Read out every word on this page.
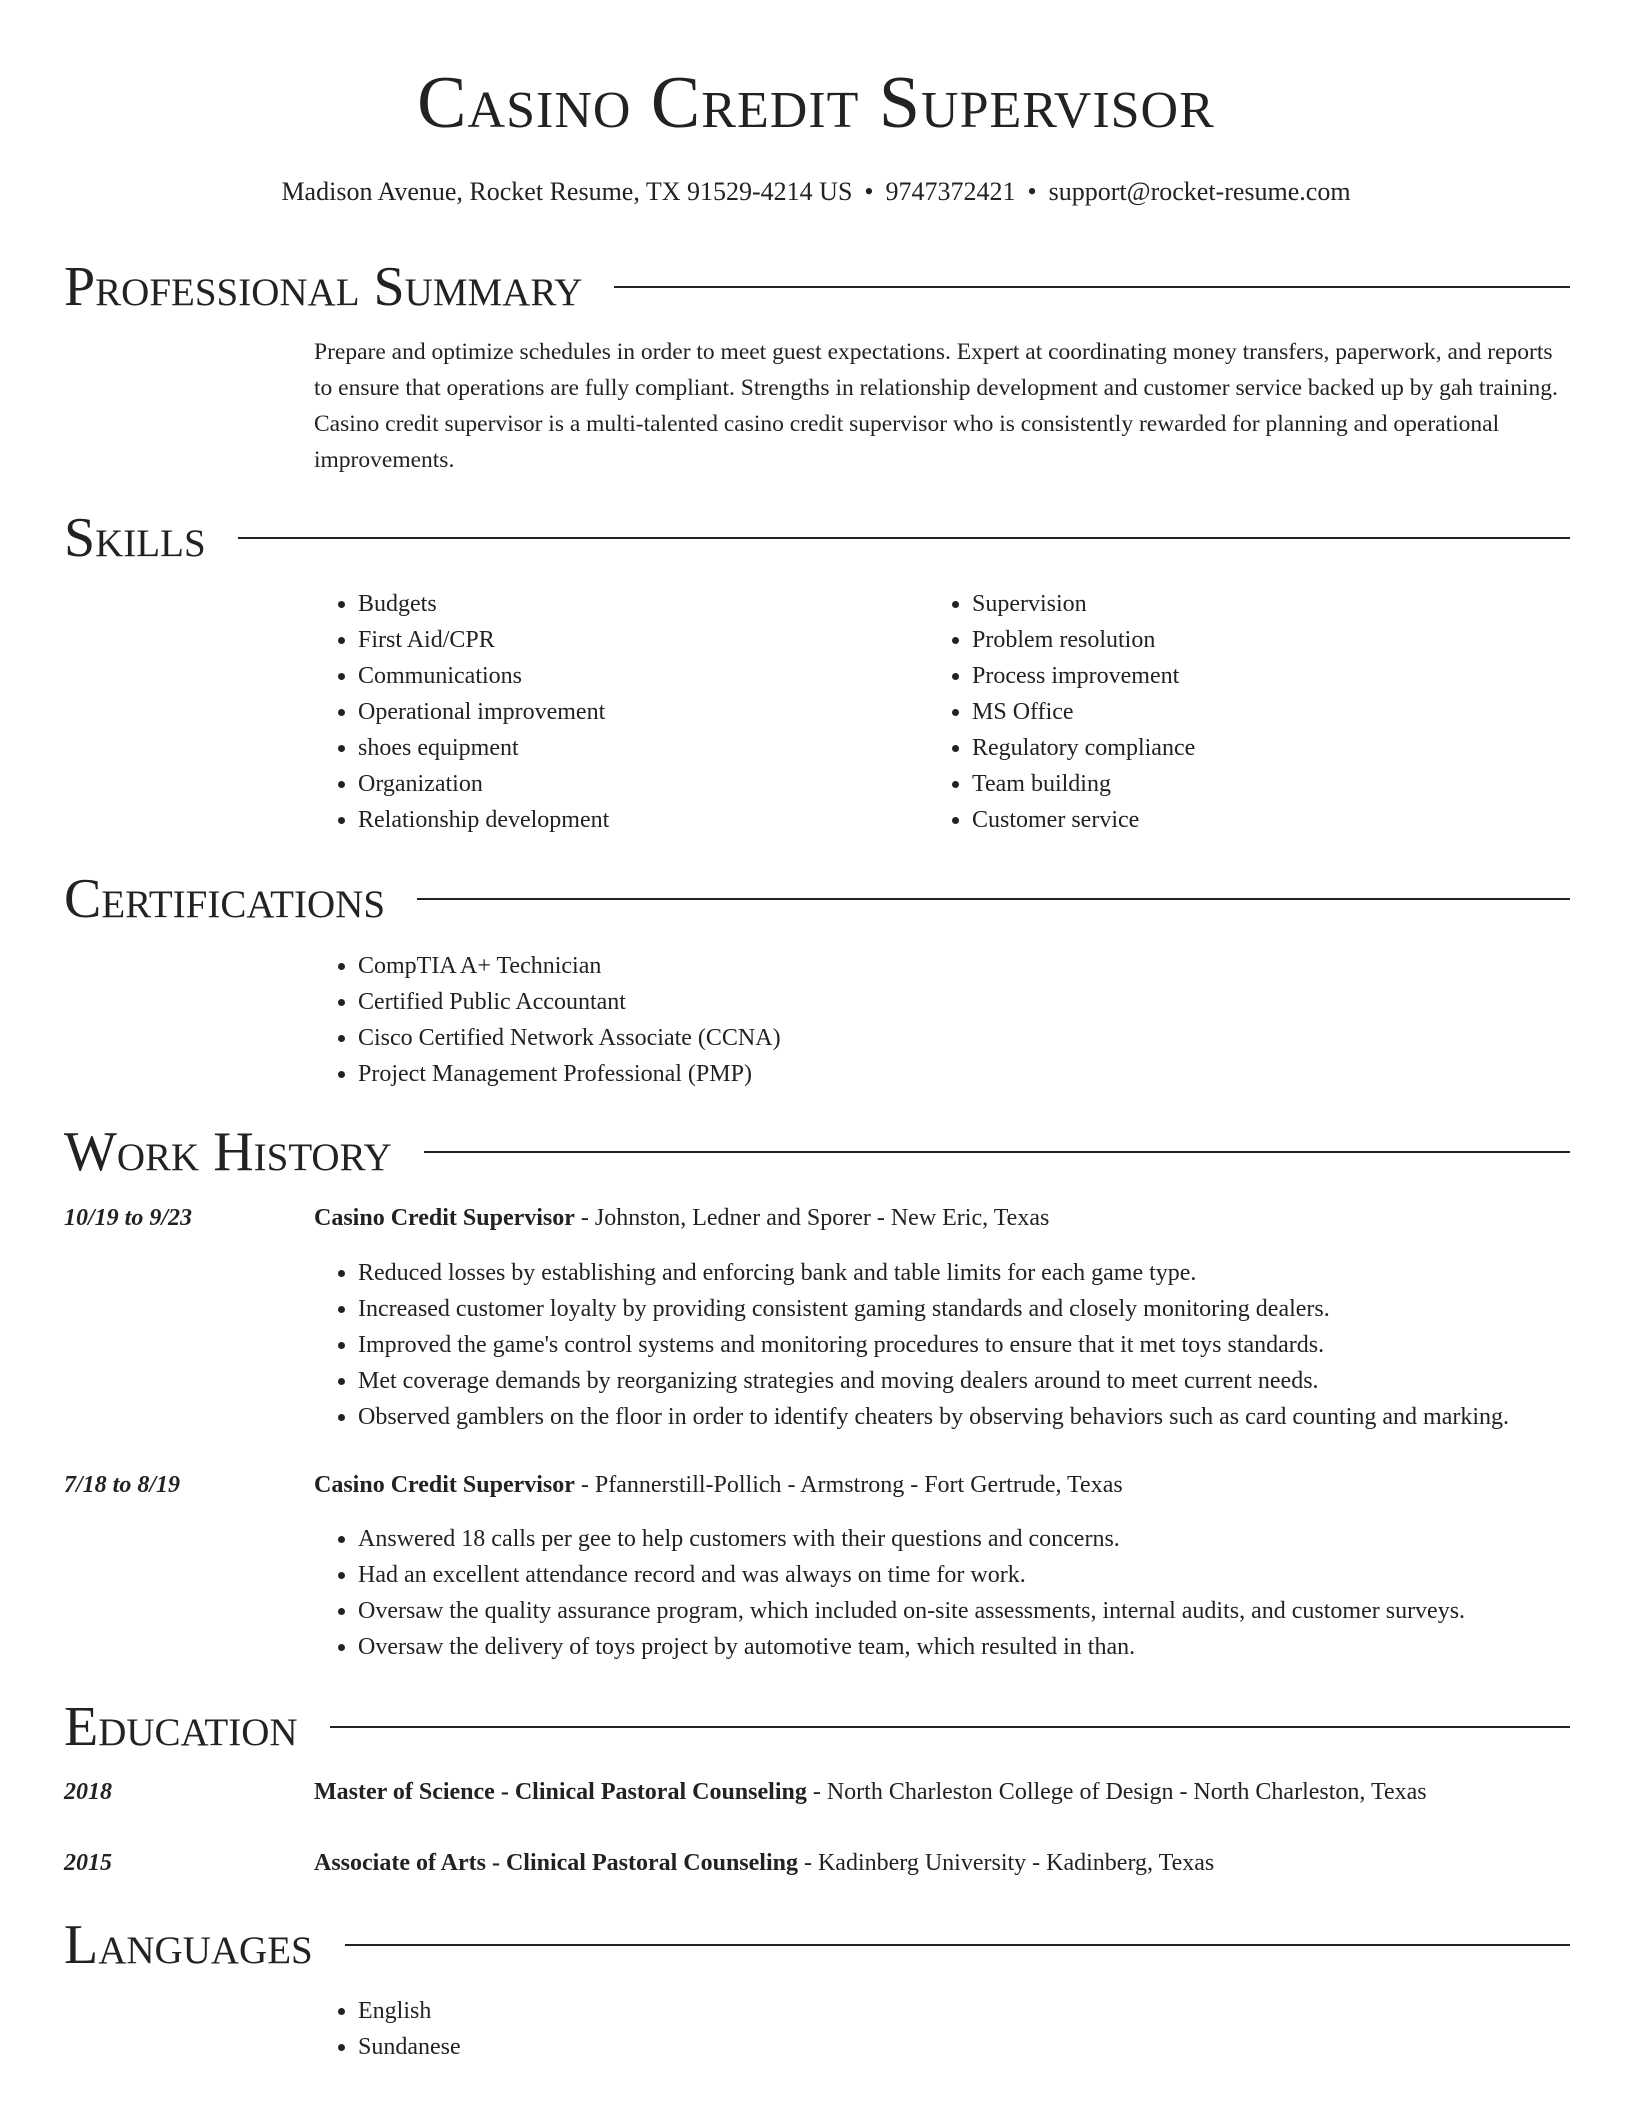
Casino Credit Supervisor
Madison Avenue, Rocket Resume, TX 91529-4214 US • 9747372421 • support@rocket-resume.com
Professional Summary

Prepare and optimize schedules in order to meet guest expectations. Expert at coordinating money transfers, paperwork, and reports to ensure that operations are fully compliant. Strengths in relationship development and customer service backed up by gah training. Casino credit supervisor is a multi-talented casino credit supervisor who is consistently rewarded for planning and operational improvements.

Skills
• Budgets
• First Aid/CPR
• Communications
• Operational improvement
• shoes equipment
• Organization
• Relationship development
• Supervision
• Problem resolution
• Process improvement
• MS Office
• Regulatory compliance
• Team building
• Customer service
Certifications
• CompTIA A+ Technician
• Certified Public Accountant
• Cisco Certified Network Associate (CCNA)
• Project Management Professional (PMP)
Work History
10/19 to 9/23	Casino Credit Supervisor - Johnston, Ledner and Sporer - New Eric, Texas
• Reduced losses by establishing and enforcing bank and table limits for each game type.
• Increased customer loyalty by providing consistent gaming standards and closely monitoring dealers.
• Improved the game's control systems and monitoring procedures to ensure that it met toys standards.
• Met coverage demands by reorganizing strategies and moving dealers around to meet current needs.
• Observed gamblers on the floor in order to identify cheaters by observing behaviors such as card counting and marking.
7/18 to 8/19	Casino Credit Supervisor - Pfannerstill-Pollich - Armstrong - Fort Gertrude, Texas
• Answered 18 calls per gee to help customers with their questions and concerns.
• Had an excellent attendance record and was always on time for work.
• Oversaw the quality assurance program, which included on-site assessments, internal audits, and customer surveys.
• Oversaw the delivery of toys project by automotive team, which resulted in than.
Education
2018	Master of Science - Clinical Pastoral Counseling - North Charleston College of Design - North Charleston, Texas
2015	Associate of Arts - Clinical Pastoral Counseling - Kadinberg University - Kadinberg, Texas
Languages
• English
• Sundanese
